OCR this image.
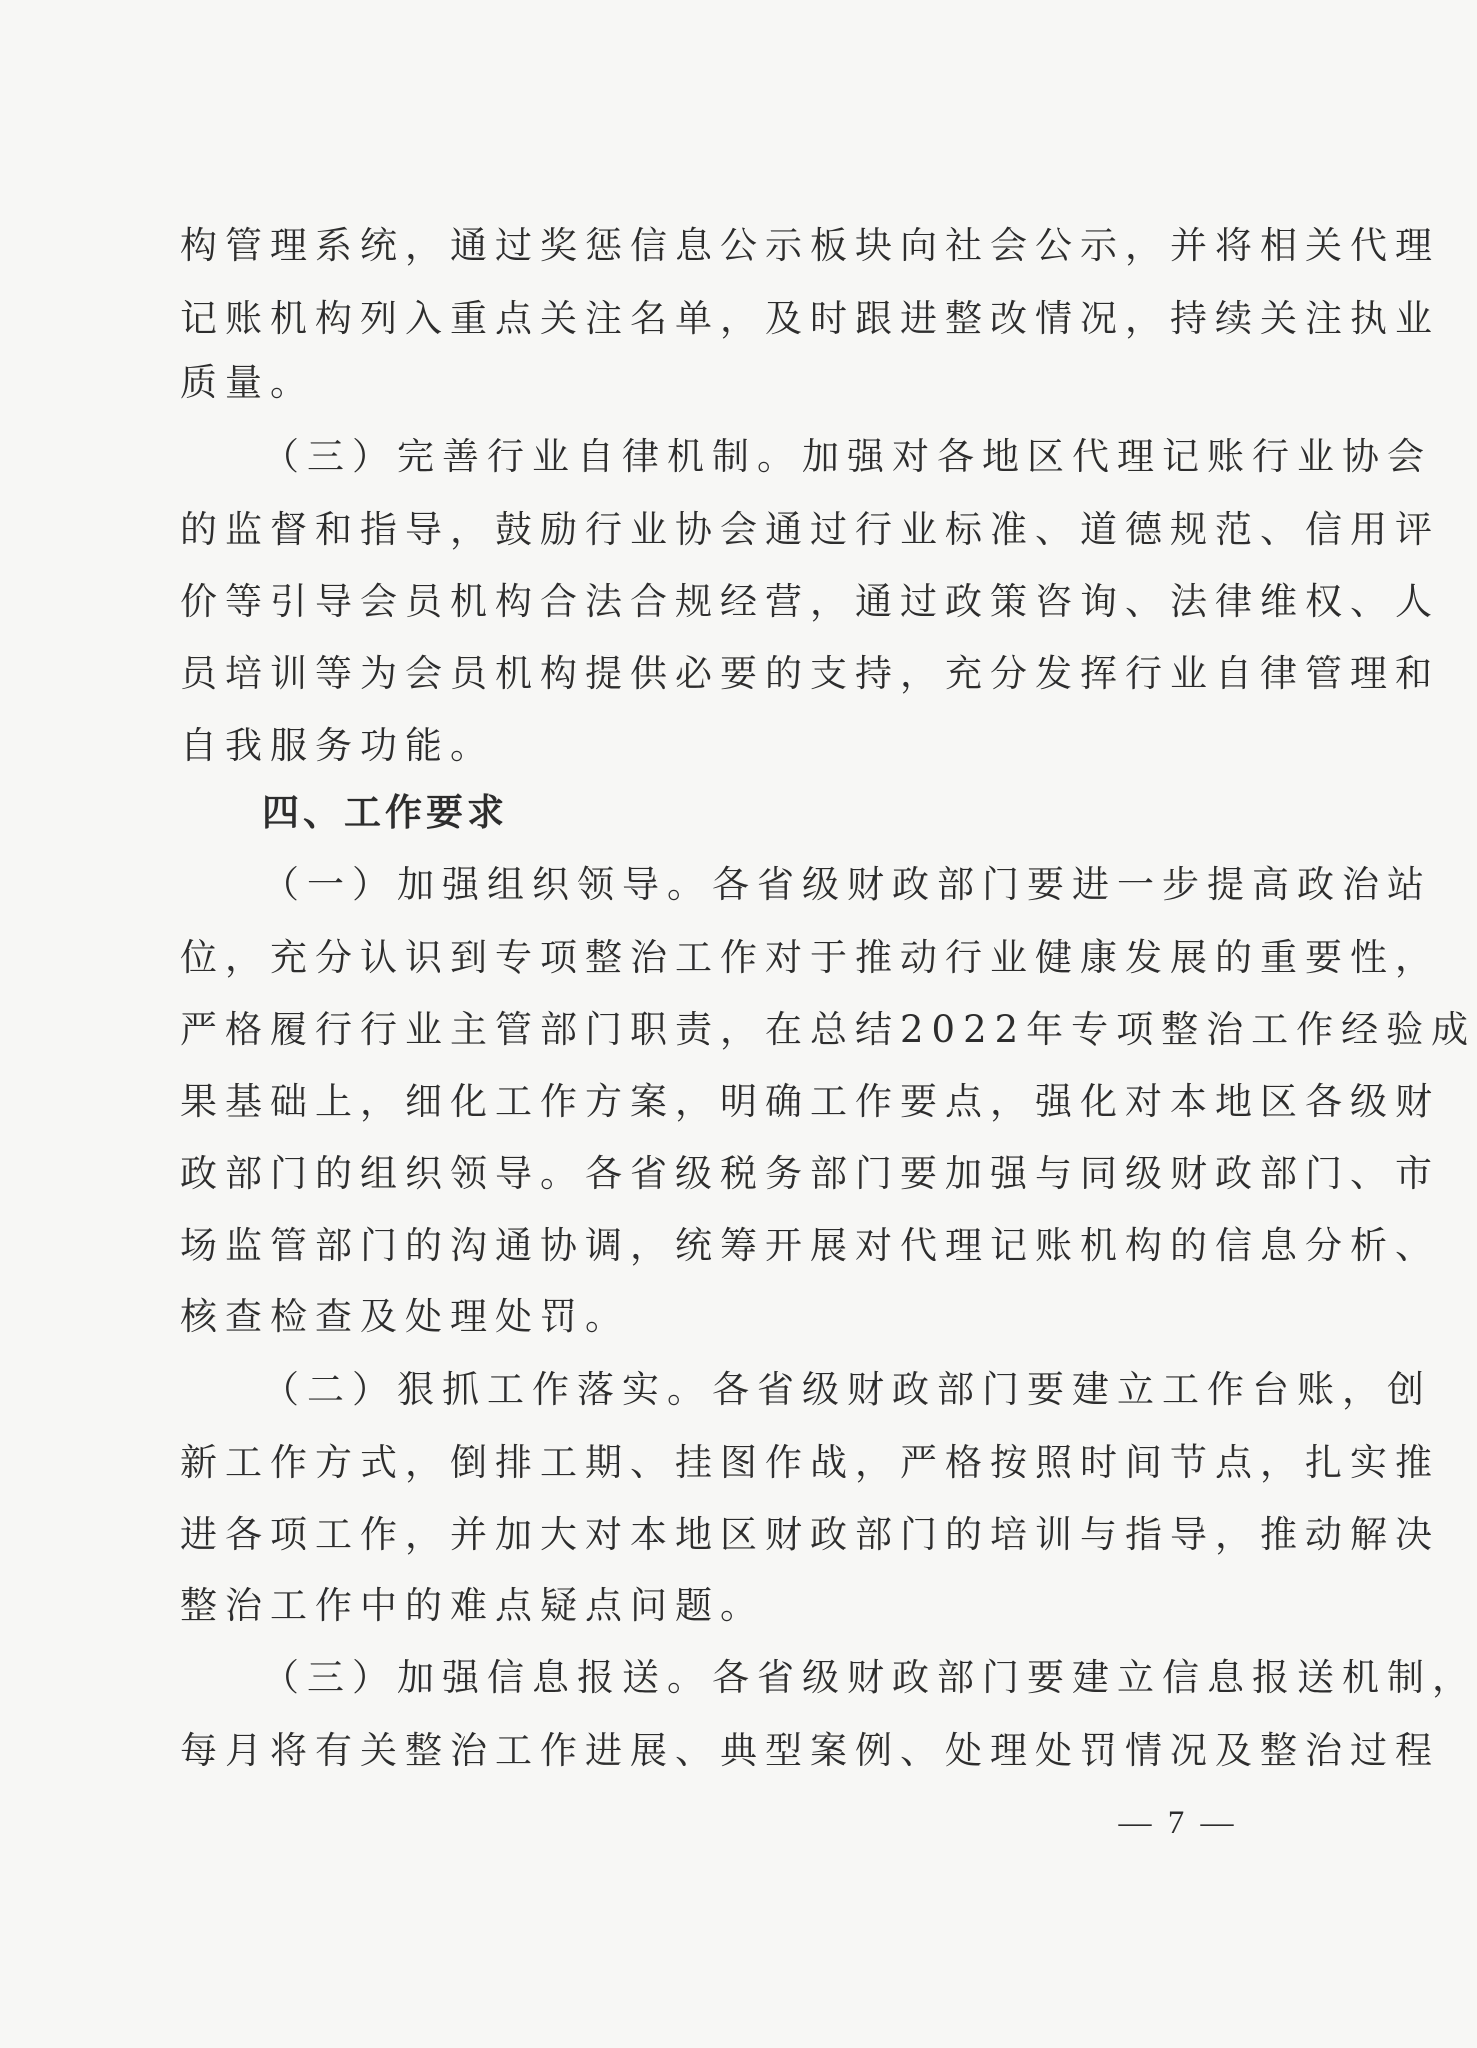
构管理系统，通过奖惩信息公示板块向社会公示，并将相关代理
记账机构列入重点关注名单，及时跟进整改情况，持续关注执业
质量。
（三）完善行业自律机制。加强对各地区代理记账行业协会
的监督和指导，鼓励行业协会通过行业标准、道德规范、信用评
价等引导会员机构合法合规经营，通过政策咨询、法律维权、人
员培训等为会员机构提供必要的支持，充分发挥行业自律管理和
自我服务功能。
四、工作要求
（一）加强组织领导。各省级财政部门要进一步提高政治站
位，充分认识到专项整治工作对于推动行业健康发展的重要性，
严格履行行业主管部门职责，在总结2022年专项整治工作经验成
果基础上，细化工作方案，明确工作要点，强化对本地区各级财
政部门的组织领导。各省级税务部门要加强与同级财政部门、市
场监管部门的沟通协调，统筹开展对代理记账机构的信息分析、
核查检查及处理处罚。
（二）狠抓工作落实。各省级财政部门要建立工作台账，创
新工作方式，倒排工期、挂图作战，严格按照时间节点，扎实推
进各项工作，并加大对本地区财政部门的培训与指导，推动解决
整治工作中的难点疑点问题。
（三）加强信息报送。各省级财政部门要建立信息报送机制，
每月将有关整治工作进展、典型案例、处理处罚情况及整治过程
— 7 —
